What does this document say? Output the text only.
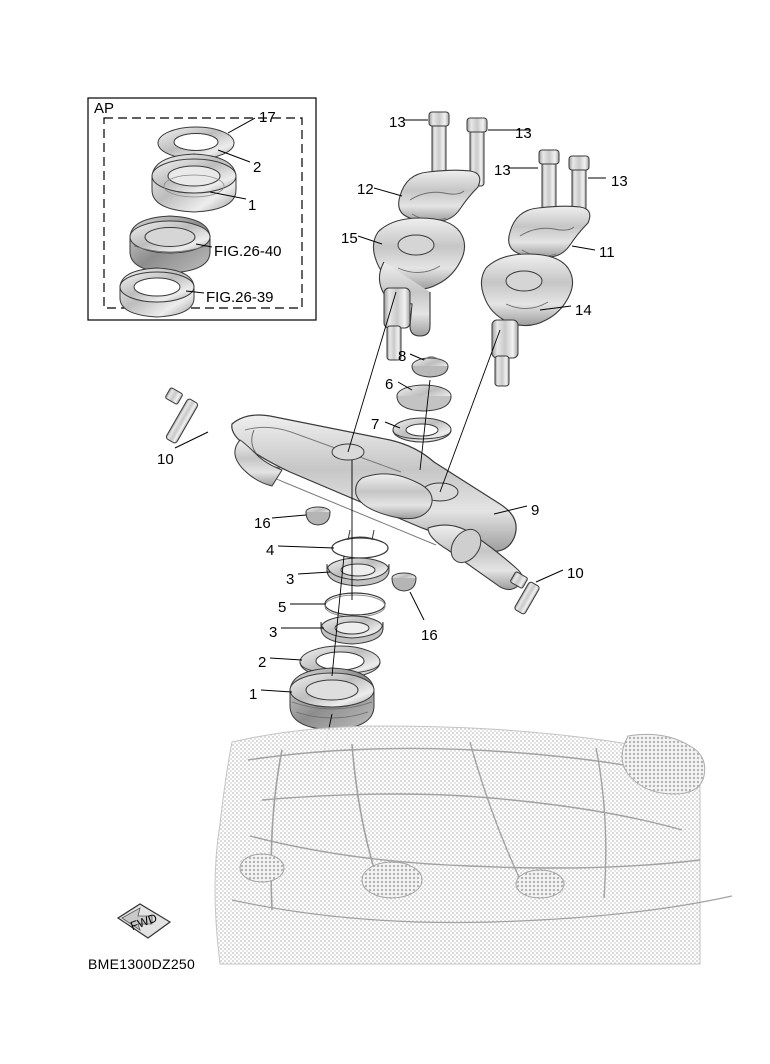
AP
17
2
1
FIG.26-40
FIG.26-39
13
13
13
13
12
15
11
14
8
6
7
10
9
16
4
3	10
16
5
3
2
1
FWD
BME1300DZ250
